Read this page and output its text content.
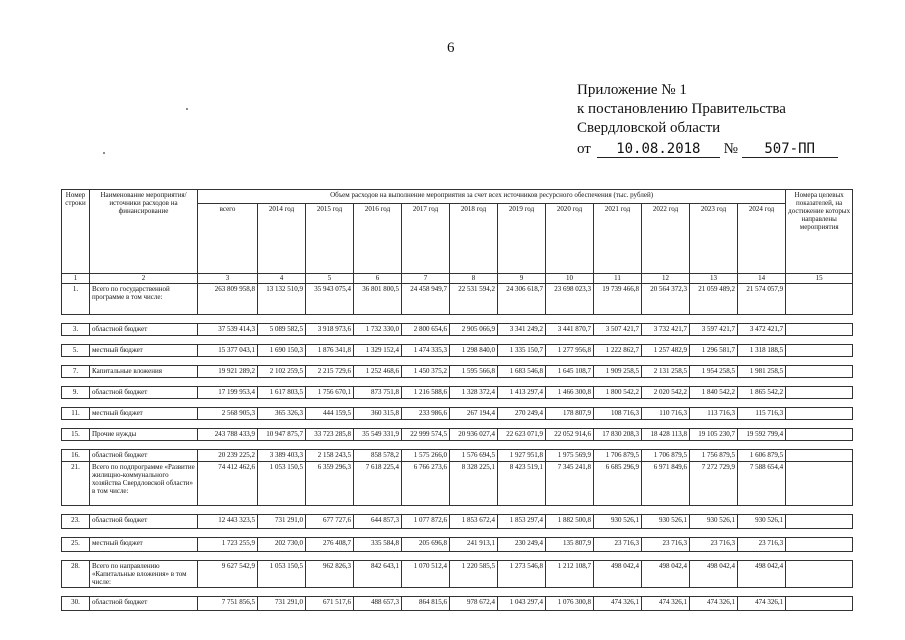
6
Приложение № 1
к постановлению Правительства
Свердловской области
от 10.08.2018 № 507-ПП
Номер строки	Наименование мероприятия/ источники расходов на финансирование	Объем расходов на выполнение мероприятия за счет всех источников ресурсного обеспечения (тыс. рублей)												Номера целевых показателей, на достижение которых направлены мероприятия
		всего	2014 год	2015 год	2016 год	2017 год	2018 год	2019 год	2020 год	2021 год	2022 год	2023 год	2024 год	
1	2	3	4	5	6	7	8	9	10	11	12	13	14	15
1.	Всего по государственной программе в том числе:	263 809 958,8	13 132 510,9	35 943 075,4	36 801 800,5	24 458 949,7	22 531 594,2	24 306 618,7	23 698 023,3	19 739 466,8	20 564 372,3	21 059 489,2	21 574 057,9	

3.	областной бюджет	37 539 414,3	5 089 582,5	3 918 973,6	1 732 330,0	2 800 654,6	2 905 066,9	3 341 249,2	3 441 870,7	3 507 421,7	3 732 421,7	3 597 421,7	3 472 421,7	

5.	местный бюджет	15 377 043,1	1 690 150,3	1 876 341,8	1 329 152,4	1 474 335,3	1 298 840,0	1 335 150,7	1 277 956,8	1 222 862,7	1 257 482,9	1 296 581,7	1 318 188,5	

7.	Капитальные вложения	19 921 289,2	2 102 259,5	2 215 729,6	1 252 468,6	1 450 375,2	1 595 566,8	1 683 546,8	1 645 108,7	1 909 258,5	2 131 258,5	1 954 258,5	1 981 258,5	

9.	областной бюджет	17 199 953,4	1 617 803,5	1 756 670,1	873 751,8	1 216 588,6	1 328 372,4	1 413 297,4	1 466 300,8	1 800 542,2	2 020 542,2	1 840 542,2	1 865 542,2	

11.	местный бюджет	2 568 905,3	365 326,3	444 159,5	360 315,8	233 986,6	267 194,4	270 249,4	178 807,9	108 716,3	110 716,3	113 716,3	115 716,3	

15.	Прочие нужды	243 788 433,9	10 947 875,7	33 723 285,8	35 549 331,9	22 999 574,5	20 936 027,4	22 623 071,9	22 052 914,6	17 830 208,3	18 428 113,8	19 105 230,7	19 592 799,4	

16.	областной бюджет	20 239 225,2	3 389 403,3	2 158 243,5	858 578,2	1 575 266,0	1 576 694,5	1 927 951,8	1 975 569,9	1 706 879,5	1 706 879,5	1 756 879,5	1 606 879,5	
21.	Всего по подпрограмме «Развитие жилищно-коммунального хозяйства Свердловской области» в том числе:	74 412 462,6	1 053 150,5	6 359 296,3	7 618 225,4	6 766 273,6	8 328 225,1	8 423 519,1	7 345 241,8	6 685 296,9	6 971 849,6	7 272 729,9	7 588 654,4	

23.	областной бюджет	12 443 323,5	731 291,0	677 727,6	644 857,3	1 077 872,6	1 853 672,4	1 853 297,4	1 882 500,8	930 526,1	930 526,1	930 526,1	930 526,1	

25.	местный бюджет	1 723 255,9	202 730,0	276 408,7	335 584,8	205 696,8	241 913,1	230 249,4	135 807,9	23 716,3	23 716,3	23 716,3	23 716,3	

28.	Всего по направлению «Капитальные вложения» в том числе:	9 627 542,9	1 053 150,5	962 826,3	842 643,1	1 070 512,4	1 220 585,5	1 273 546,8	1 212 108,7	498 042,4	498 042,4	498 042,4	498 042,4	

30.	областной бюджет	7 751 856,5	731 291,0	671 517,6	488 657,3	864 815,6	978 672,4	1 043 297,4	1 076 300,8	474 326,1	474 326,1	474 326,1	474 326,1	
